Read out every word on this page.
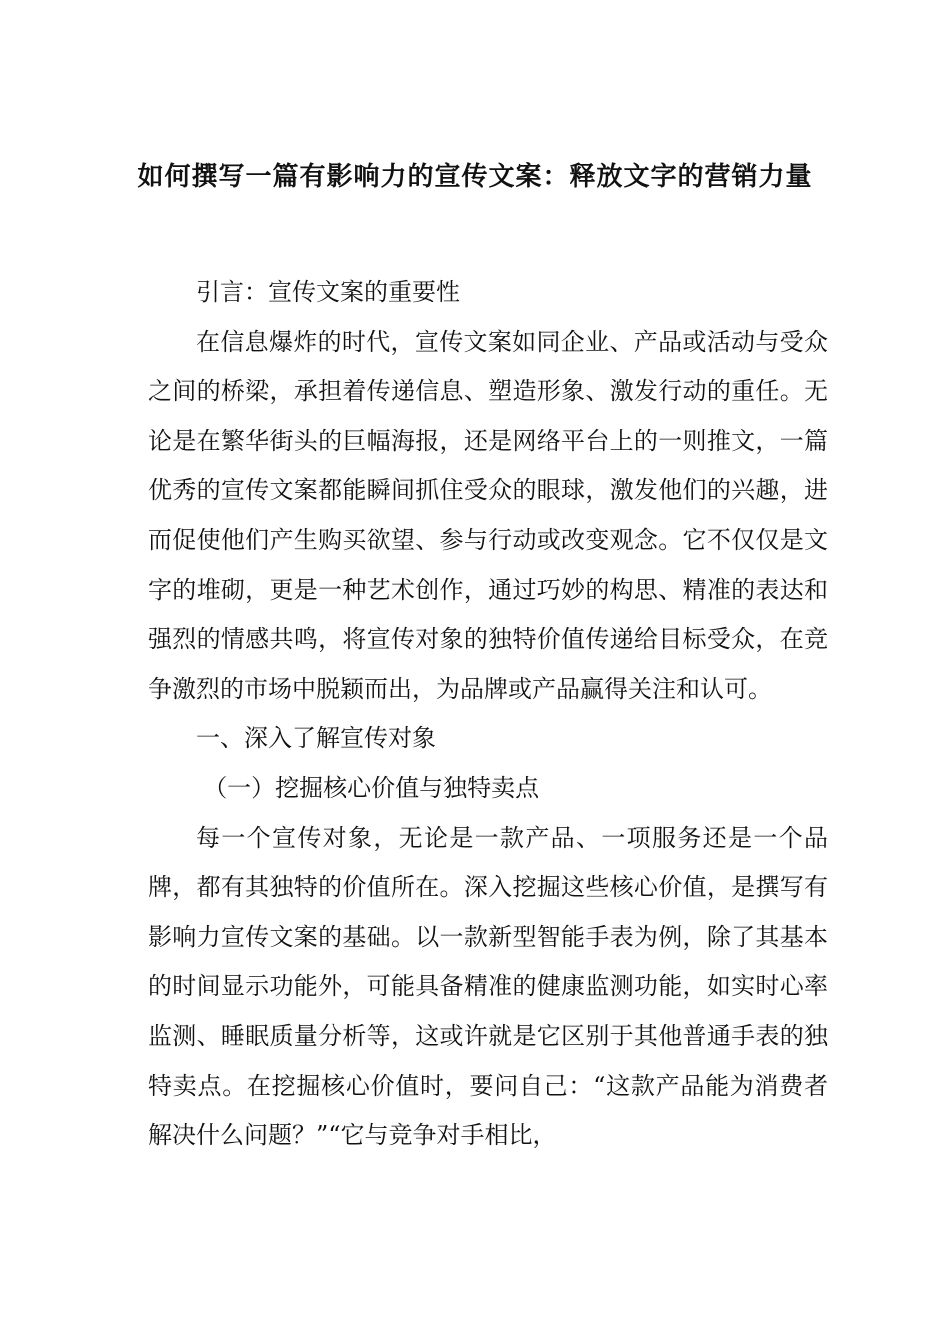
如何撰写一篇有影响力的宣传文案：释放文字的营销力量

引言：宣传文案的重要性

在信息爆炸的时代，宣传文案如同企业、产品或活动与受众之间的桥梁，承担着传递信息、塑造形象、激发行动的重任。无论是在繁华街头的巨幅海报，还是网络平台上的一则推文，一篇优秀的宣传文案都能瞬间抓住受众的眼球，激发他们的兴趣，进而促使他们产生购买欲望、参与行动或改变观念。它不仅仅是文字的堆砌，更是一种艺术创作，通过巧妙的构思、精准的表达和强烈的情感共鸣，将宣传对象的独特价值传递给目标受众，在竞争激烈的市场中脱颖而出，为品牌或产品赢得关注和认可。

一、深入了解宣传对象

（一）挖掘核心价值与独特卖点

每一个宣传对象，无论是一款产品、一项服务还是一个品牌，都有其独特的价值所在。深入挖掘这些核心价值，是撰写有影响力宣传文案的基础。以一款新型智能手表为例，除了其基本的时间显示功能外，可能具备精准的健康监测功能，如实时心率监测、睡眠质量分析等，这或许就是它区别于其他普通手表的独特卖点。在挖掘核心价值时，要问自己：“这款产品能为消费者解决什么问题？”“它与竞争对手相比，
